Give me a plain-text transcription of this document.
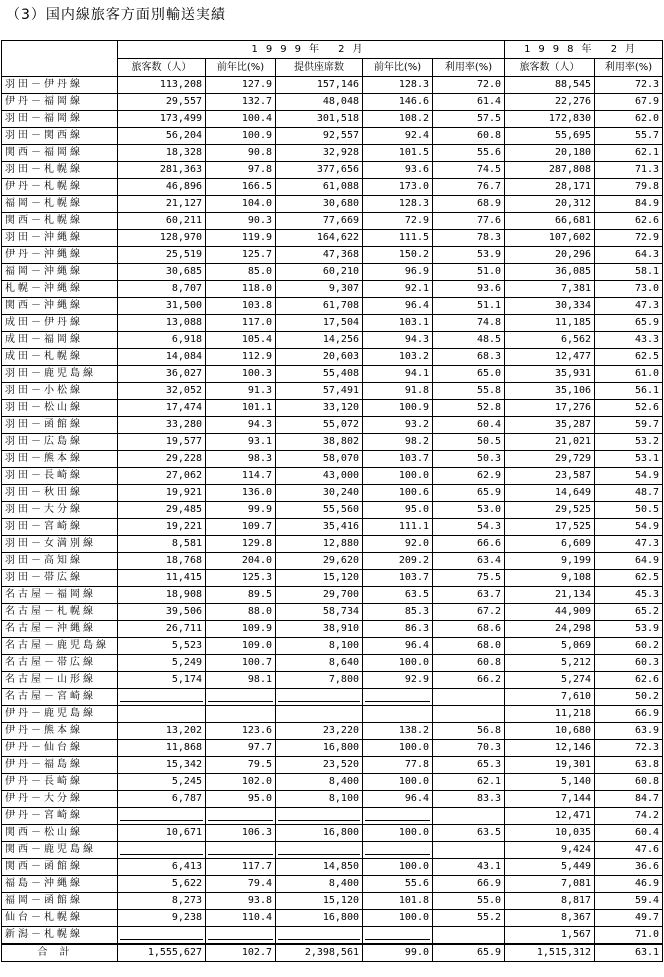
（3）国内線旅客方面別輸送実績
	1999年 2月					1998年 2月	
	旅客数（人）	前年比(%)	提供座席数	前年比(%)	利用率(%)	旅客数（人）	利用率(%)
羽田－伊丹線	113,208	127.9	157,146	128.3	72.0	88,545	72.3
伊丹－福岡線	29,557	132.7	48,048	146.6	61.4	22,276	67.9
羽田－福岡線	173,499	100.4	301,518	108.2	57.5	172,830	62.0
羽田－関西線	56,204	100.9	92,557	92.4	60.8	55,695	55.7
関西－福岡線	18,328	90.8	32,928	101.5	55.6	20,180	62.1
羽田－札幌線	281,363	97.8	377,656	93.6	74.5	287,808	71.3
伊丹－札幌線	46,896	166.5	61,088	173.0	76.7	28,171	79.8
福岡－札幌線	21,127	104.0	30,680	128.3	68.9	20,312	84.9
関西－札幌線	60,211	90.3	77,669	72.9	77.6	66,681	62.6
羽田－沖縄線	128,970	119.9	164,622	111.5	78.3	107,602	72.9
伊丹－沖縄線	25,519	125.7	47,368	150.2	53.9	20,296	64.3
福岡－沖縄線	30,685	85.0	60,210	96.9	51.0	36,085	58.1
札幌－沖縄線	8,707	118.0	9,307	92.1	93.6	7,381	73.0
関西－沖縄線	31,500	103.8	61,708	96.4	51.1	30,334	47.3
成田－伊丹線	13,088	117.0	17,504	103.1	74.8	11,185	65.9
成田－福岡線	6,918	105.4	14,256	94.3	48.5	6,562	43.3
成田－札幌線	14,084	112.9	20,603	103.2	68.3	12,477	62.5
羽田－鹿児島線	36,027	100.3	55,408	94.1	65.0	35,931	61.0
羽田－小松線	32,052	91.3	57,491	91.8	55.8	35,106	56.1
羽田－松山線	17,474	101.1	33,120	100.9	52.8	17,276	52.6
羽田－函館線	33,280	94.3	55,072	93.2	60.4	35,287	59.7
羽田－広島線	19,577	93.1	38,802	98.2	50.5	21,021	53.2
羽田－熊本線	29,228	98.3	58,070	103.7	50.3	29,729	53.1
羽田－長崎線	27,062	114.7	43,000	100.0	62.9	23,587	54.9
羽田－秋田線	19,921	136.0	30,240	100.6	65.9	14,649	48.7
羽田－大分線	29,485	99.9	55,560	95.0	53.0	29,525	50.5
羽田－宮崎線	19,221	109.7	35,416	111.1	54.3	17,525	54.9
羽田－女満別線	8,581	129.8	12,880	92.0	66.6	6,609	47.3
羽田－高知線	18,768	204.0	29,620	209.2	63.4	9,199	64.9
羽田－帯広線	11,415	125.3	15,120	103.7	75.5	9,108	62.5
名古屋－福岡線	18,908	89.5	29,700	63.5	63.7	21,134	45.3
名古屋－札幌線	39,506	88.0	58,734	85.3	67.2	44,909	65.2
名古屋－沖縄線	26,711	109.9	38,910	86.3	68.6	24,298	53.9
名古屋－鹿児島線	5,523	109.0	8,100	96.4	68.0	5,069	60.2
名古屋－帯広線	5,249	100.7	8,640	100.0	60.8	5,212	60.3
名古屋－山形線	5,174	98.1	7,800	92.9	66.2	5,274	62.6
名古屋－宮崎線						7,610	50.2
伊丹－鹿児島線						11,218	66.9
伊丹－熊本線	13,202	123.6	23,220	138.2	56.8	10,680	63.9
伊丹－仙台線	11,868	97.7	16,800	100.0	70.3	12,146	72.3
伊丹－福島線	15,342	79.5	23,520	77.8	65.3	19,301	63.8
伊丹－長崎線	5,245	102.0	8,400	100.0	62.1	5,140	60.8
伊丹－大分線	6,787	95.0	8,100	96.4	83.3	7,144	84.7
伊丹－宮崎線						12,471	74.2
関西－松山線	10,671	106.3	16,800	100.0	63.5	10,035	60.4
関西－鹿児島線						9,424	47.6
関西－函館線	6,413	117.7	14,850	100.0	43.1	5,449	36.6
福島－沖縄線	5,622	79.4	8,400	55.6	66.9	7,081	46.9
福岡－函館線	8,273	93.8	15,120	101.8	55.0	8,817	59.4
仙台－札幌線	9,238	110.4	16,800	100.0	55.2	8,367	49.7
新潟－札幌線						1,567	71.0
合計	1,555,627	102.7	2,398,561	99.0	65.9	1,515,312	63.1
